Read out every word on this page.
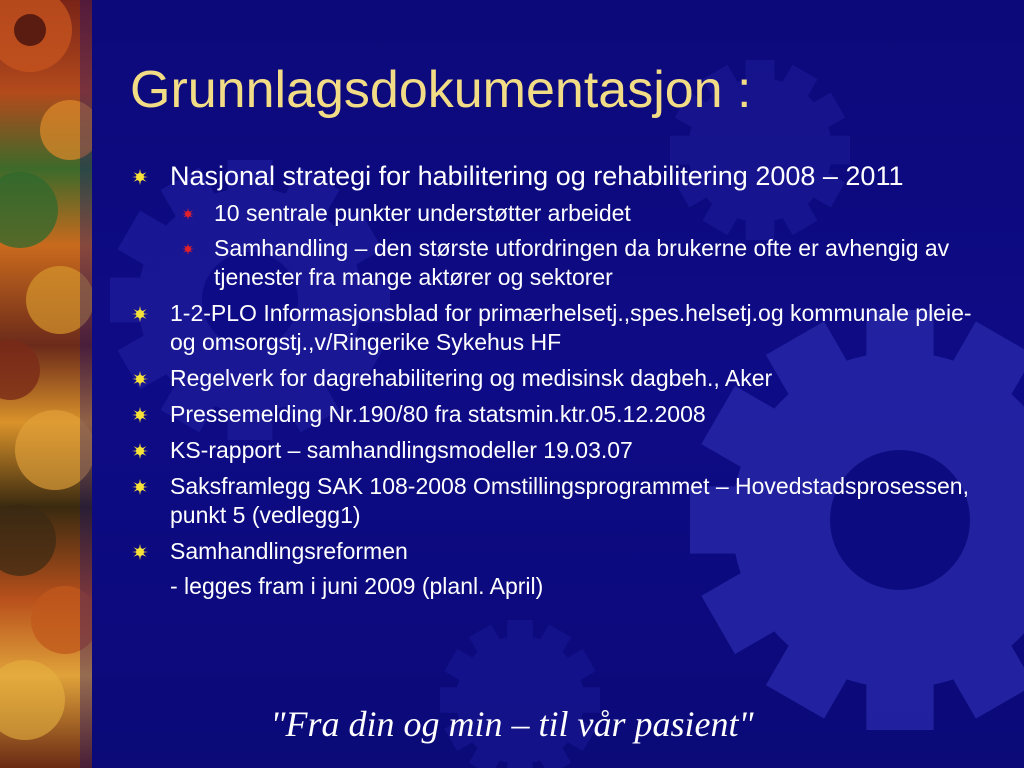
Grunnlagsdokumentasjon :
Nasjonal strategi for habilitering og rehabilitering 2008 – 2011
10 sentrale punkter understøtter arbeidet
Samhandling – den største utfordringen da brukerne ofte er avhengig av tjenester fra mange aktører og sektorer
1-2-PLO Informasjonsblad for primærhelsetj.,spes.helsetj.og kommunale pleie-og omsorgstj.,v/Ringerike Sykehus HF
Regelverk for dagrehabilitering og medisinsk dagbeh., Aker
Pressemelding Nr.190/80 fra statsmin.ktr.05.12.2008
KS-rapport – samhandlingsmodeller 19.03.07
Saksframlegg SAK 108-2008 Omstillingsprogrammet – Hovedstadsprosessen, punkt 5 (vedlegg1)
Samhandlingsreformen
- legges fram i juni 2009 (planl. April)

"Fra din og min – til vår pasient"
